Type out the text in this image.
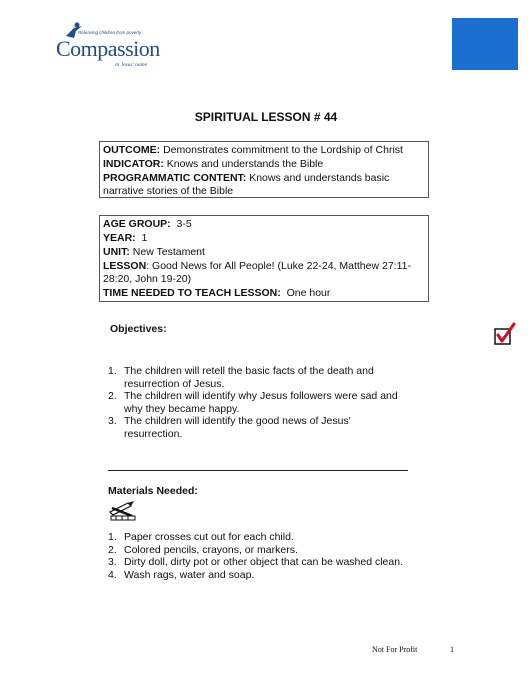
Releasing children from poverty
Compassion
in Jesus' name
SPIRITUAL LESSON # 44

OUTCOME: Demonstrates commitment to the Lordship of Christ

INDICATOR: Knows and understands the Bible

PROGRAMMATIC CONTENT: Knows and understands basic narrative stories of the Bible

AGE GROUP: 3-5

YEAR: 1

UNIT: New Testament

LESSON: Good News for All People! (Luke 22-24, Matthew 27:11-28:20, John 19-20)

TIME NEEDED TO TEACH LESSON: One hour

Objectives:
1. The children will retell the basic facts of the death and resurrection of Jesus.
2. The children will identify why Jesus followers were sad and why they became happy.
3. The children will identify the good news of Jesus' resurrection.
Materials Needed:
1. Paper crosses cut out for each child.
2. Colored pencils, crayons, or markers.
3. Dirty doll, dirty pot or other object that can be washed clean.
4. Wash rags, water and soap.
Not For Profit	1
